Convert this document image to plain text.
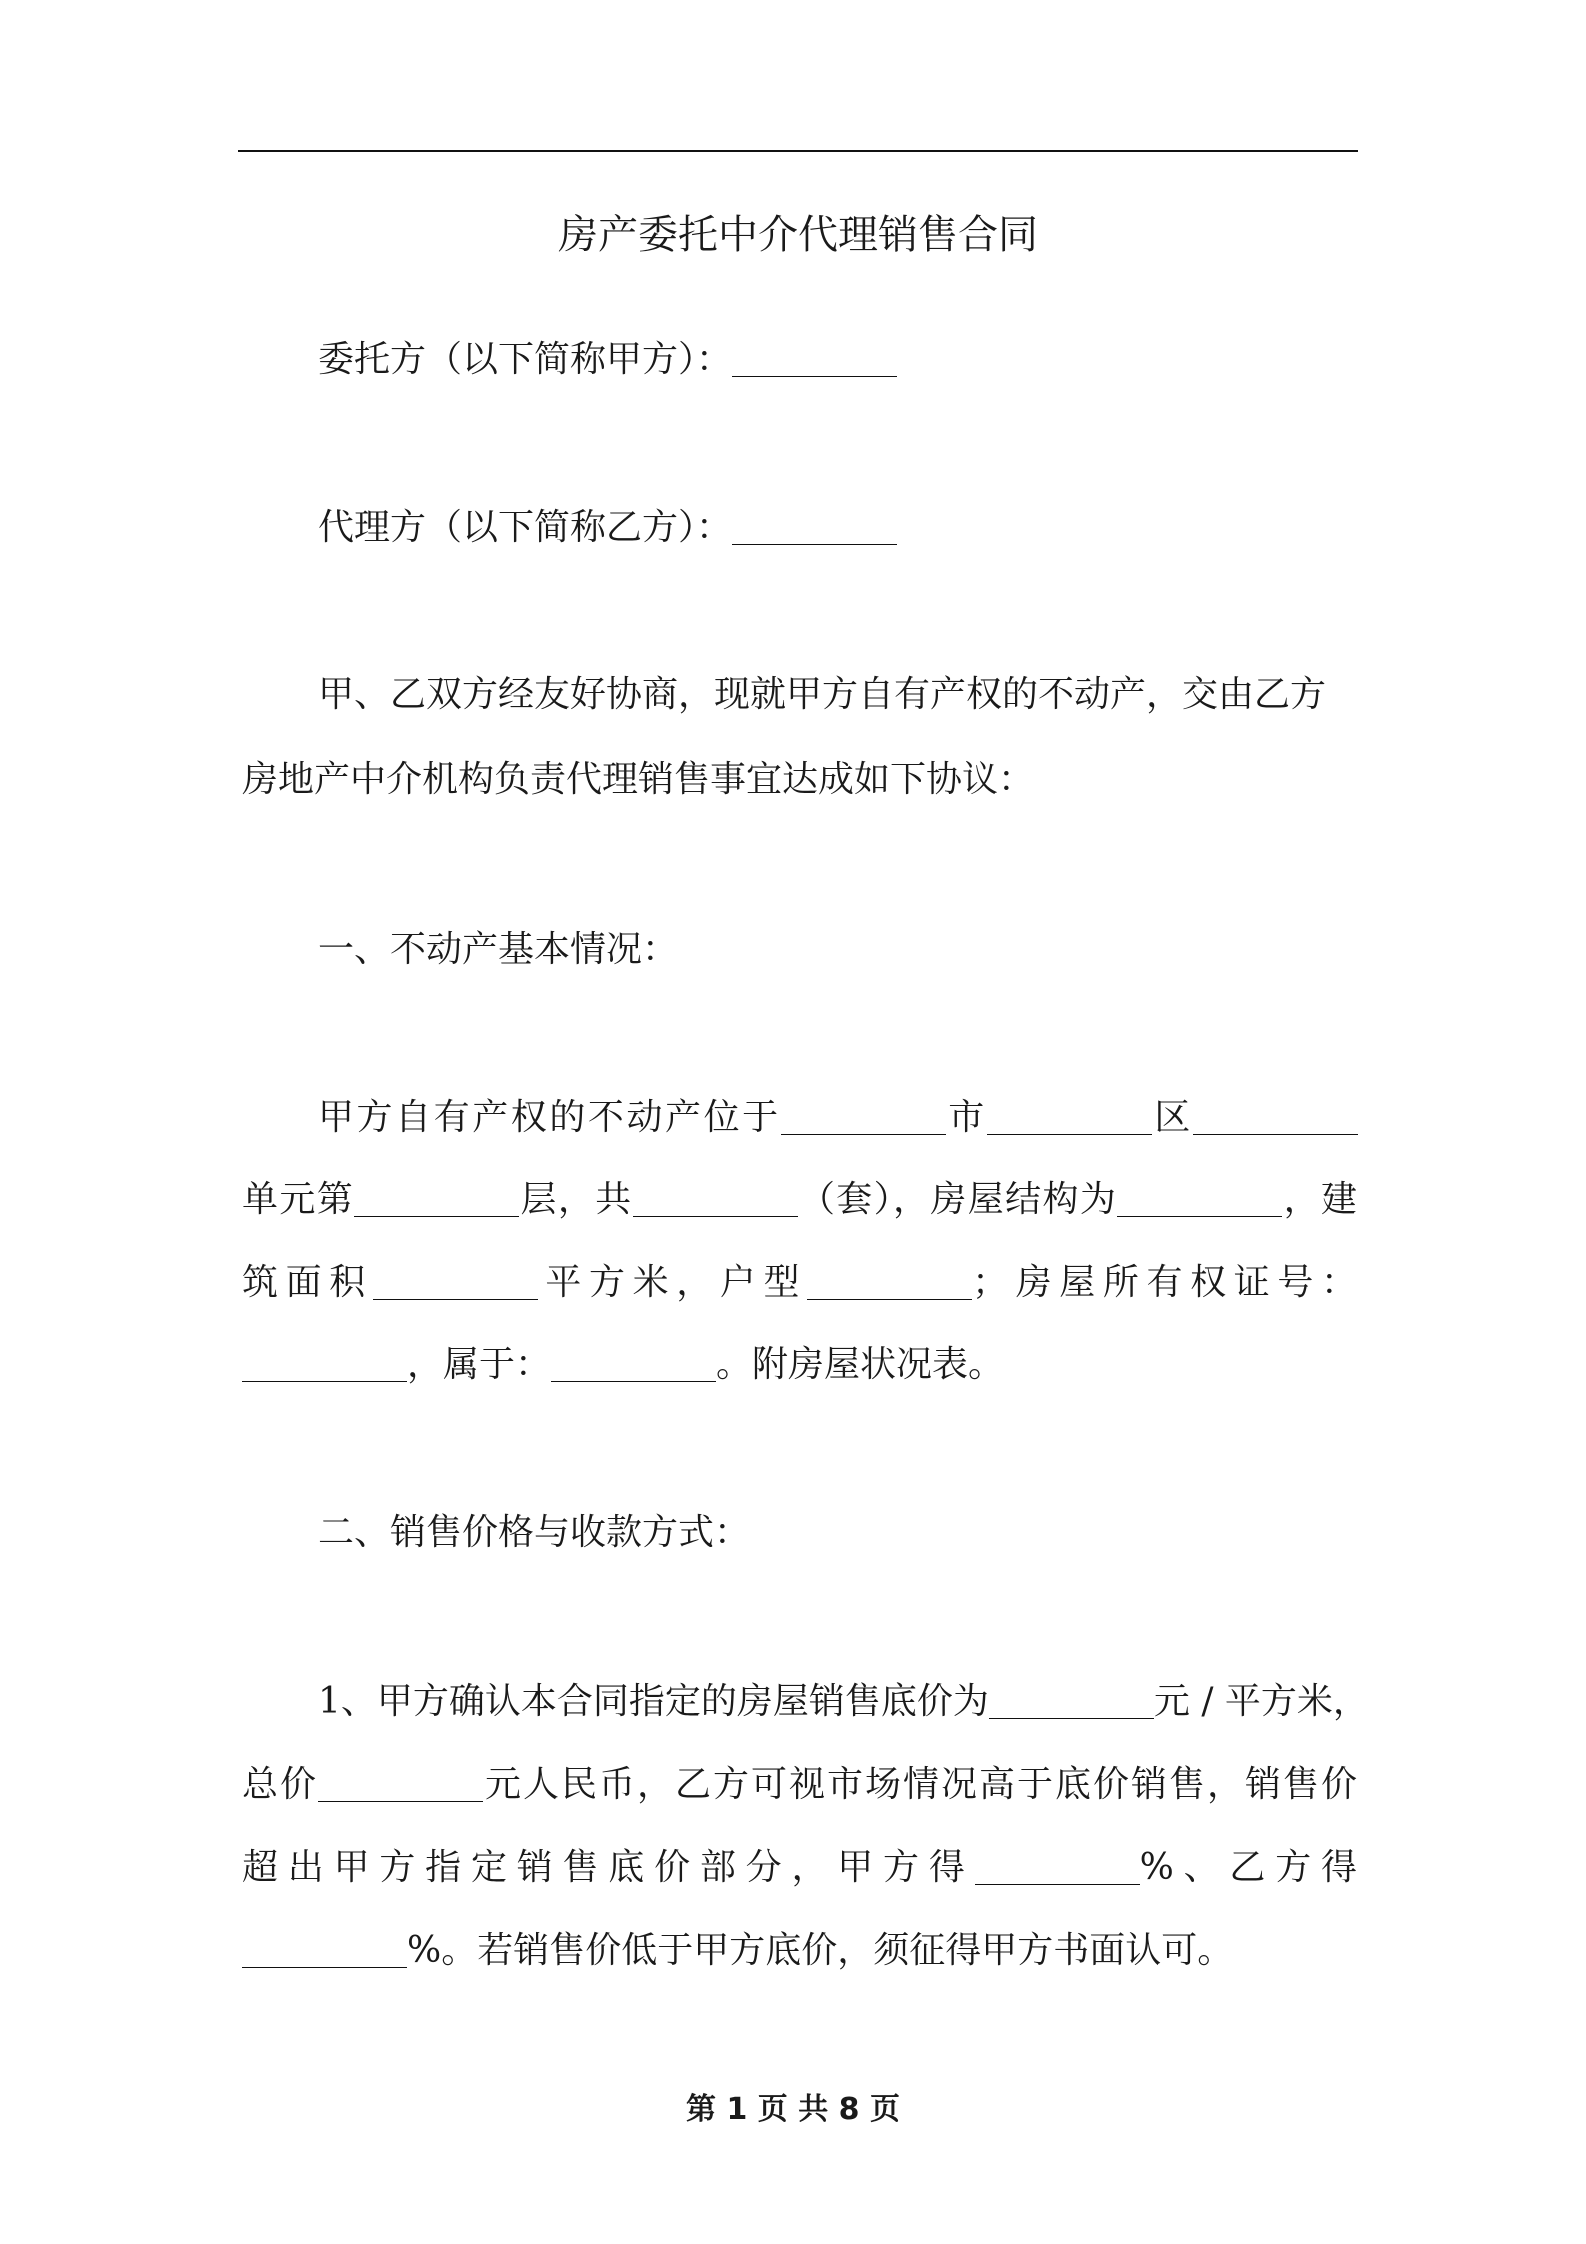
房产委托中介代理销售合同
委托方（以下简称甲方）：
代理方（以下简称乙方）：
甲、乙双方经友好协商，现就甲方自有产权的不动产，交由乙方
房地产中介机构负责代理销售事宜达成如下协议：
一、不动产基本情况：
甲方自有产权的不动产位于	市	区
单元第	层，共	（套），房屋结构为	，建
筑面积	平方米，户型	；房屋所有权证号：
，属于：	。附房屋状况表。
二、销售价格与收款方式：
1、甲方确认本合同指定的房屋销售底价为	元 / 平方米，
总价	元人民币，乙方可视市场情况高于底价销售，销售价
超出甲方指定销售底价部分，甲方得	%、乙方得
%。若销售价低于甲方底价，须征得甲方书面认可。
第 1 页 共 8 页
